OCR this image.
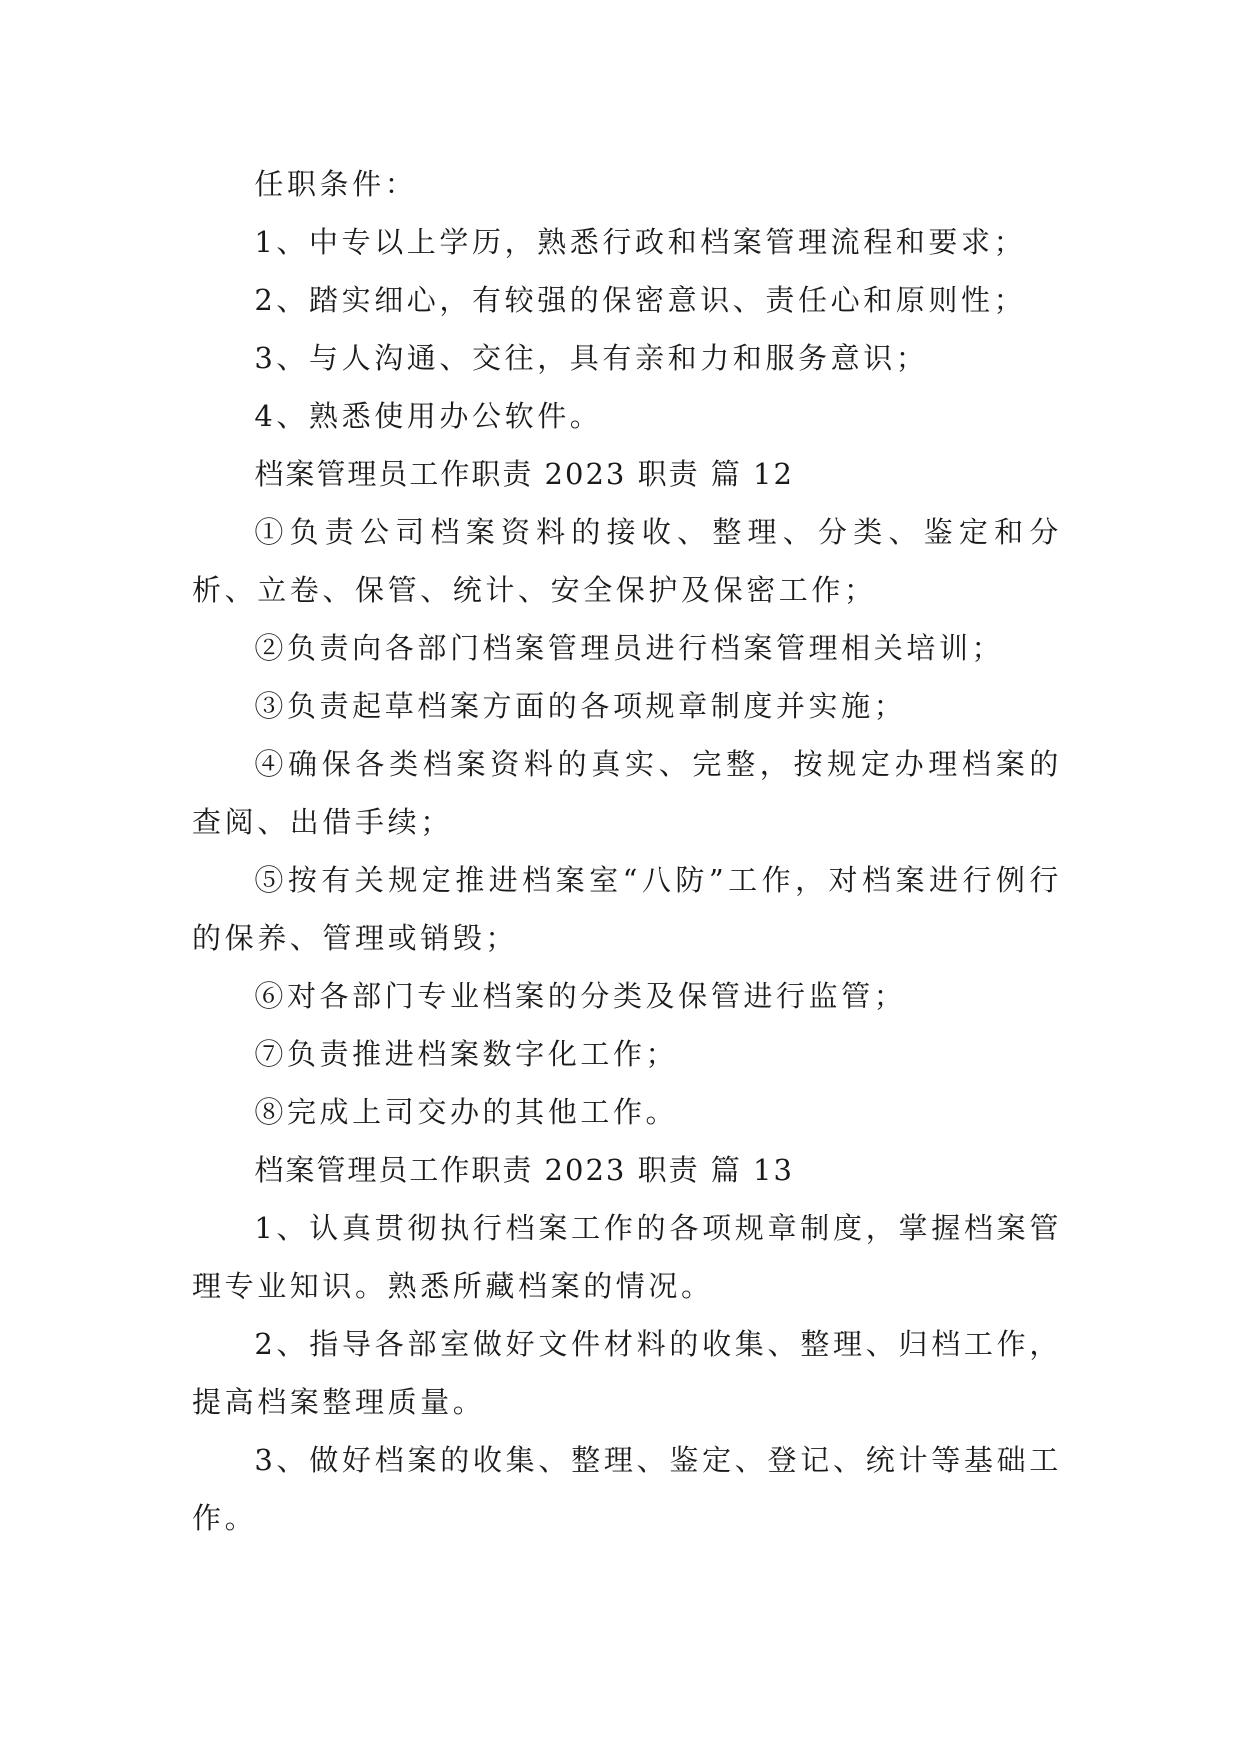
任职条件：

1、中专以上学历，熟悉行政和档案管理流程和要求；

2、踏实细心，有较强的保密意识、责任心和原则性；

3、与人沟通、交往，具有亲和力和服务意识；

4、熟悉使用办公软件。

档案管理员工作职责 2023 职责 篇 12

①负责公司档案资料的接收、整理、分类、鉴定和分析、立卷、保管、统计、安全保护及保密工作；

②负责向各部门档案管理员进行档案管理相关培训；

③负责起草档案方面的各项规章制度并实施；

④确保各类档案资料的真实、完整，按规定办理档案的查阅、出借手续；

⑤按有关规定推进档案室“八防”工作，对档案进行例行的保养、管理或销毁；

⑥对各部门专业档案的分类及保管进行监管；

⑦负责推进档案数字化工作；

⑧完成上司交办的其他工作。

档案管理员工作职责 2023 职责 篇 13

1、认真贯彻执行档案工作的各项规章制度，掌握档案管理专业知识。熟悉所藏档案的情况。

2、指导各部室做好文件材料的收集、整理、归档工作，提高档案整理质量。

3、做好档案的收集、整理、鉴定、登记、统计等基础工作。
